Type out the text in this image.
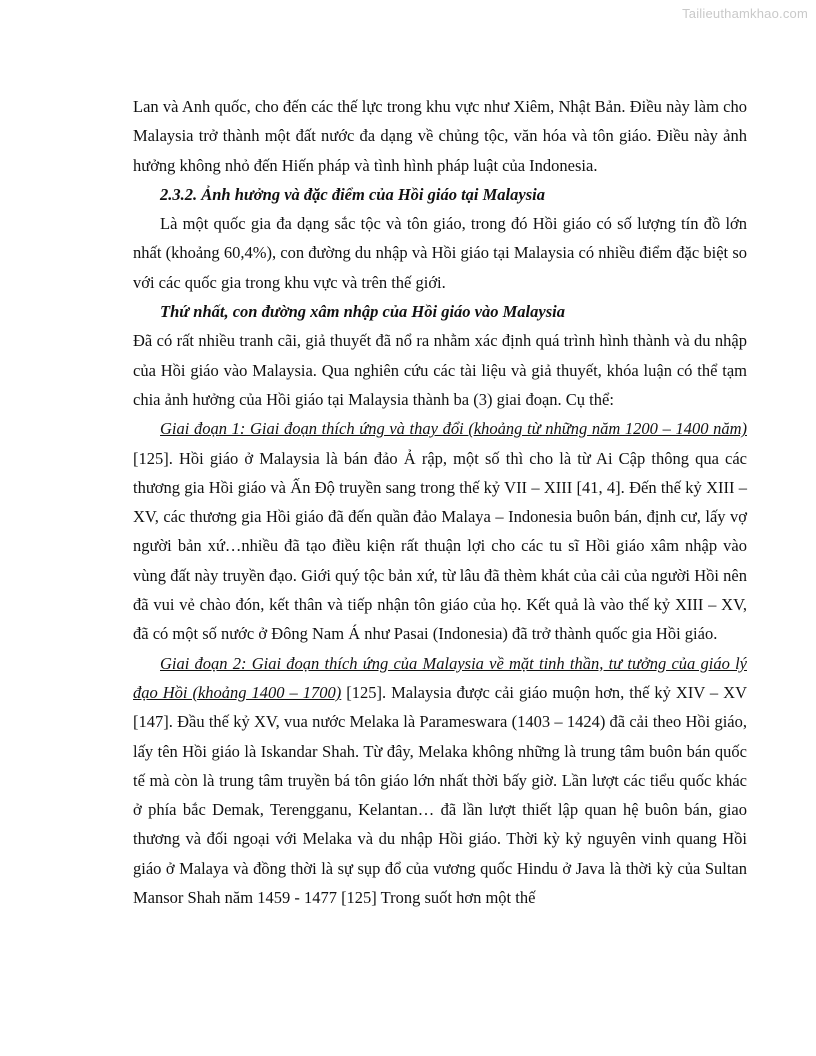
Tailieuthamkhao.com

Lan và Anh quốc, cho đến các thế lực trong khu vực như Xiêm, Nhật Bản. Điều này làm cho Malaysia trở thành một đất nước đa dạng về chủng tộc, văn hóa và tôn giáo. Điều này ảnh hưởng không nhỏ đến Hiến pháp và tình hình pháp luật của Indonesia.

2.3.2. Ảnh hưởng và đặc điểm của Hồi giáo tại Malaysia

Là một quốc gia đa dạng sắc tộc và tôn giáo, trong đó Hồi giáo có số lượng tín đồ lớn nhất (khoảng 60,4%), con đường du nhập và Hồi giáo tại Malaysia có nhiều điểm đặc biệt so với các quốc gia trong khu vực và trên thế giới.

Thứ nhất, con đường xâm nhập của Hồi giáo vào Malaysia

Đã có rất nhiều tranh cãi, giả thuyết đã nổ ra nhằm xác định quá trình hình thành và du nhập của Hồi giáo vào Malaysia. Qua nghiên cứu các tài liệu và giả thuyết, khóa luận có thể tạm chia ảnh hưởng của Hồi giáo tại Malaysia thành ba (3) giai đoạn. Cụ thể:

Giai đoạn 1: Giai đoạn thích ứng và thay đổi (khoảng từ những năm 1200 – 1400 năm) [125]. Hồi giáo ở Malaysia là bán đảo Ả rập, một số thì cho là từ Ai Cập thông qua các thương gia Hồi giáo và Ấn Độ truyền sang trong thế kỷ VII – XIII [41, 4]. Đến thế kỷ XIII – XV, các thương gia Hồi giáo đã đến quần đảo Malaya – Indonesia buôn bán, định cư, lấy vợ người bản xứ…nhiều đã tạo điều kiện rất thuận lợi cho các tu sĩ Hồi giáo xâm nhập vào vùng đất này truyền đạo. Giới quý tộc bản xứ, từ lâu đã thèm khát của cải của người Hồi nên đã vui vẻ chào đón, kết thân và tiếp nhận tôn giáo của họ. Kết quả là vào thế kỷ XIII – XV, đã có một số nước ở Đông Nam Á như Pasai (Indonesia) đã trở thành quốc gia Hồi giáo.

Giai đoạn 2: Giai đoạn thích ứng của Malaysia về mặt tinh thần, tư tưởng của giáo lý đạo Hồi (khoảng 1400 – 1700) [125]. Malaysia được cải giáo muộn hơn, thế kỷ XIV – XV [147]. Đầu thế kỷ XV, vua nước Melaka là Parameswara (1403 – 1424) đã cải theo Hồi giáo, lấy tên Hồi giáo là Iskandar Shah. Từ đây, Melaka không những là trung tâm buôn bán quốc tế mà còn là trung tâm truyền bá tôn giáo lớn nhất thời bấy giờ. Lần lượt các tiểu quốc khác ở phía bắc Demak, Terengganu, Kelantan… đã lần lượt thiết lập quan hệ buôn bán, giao thương và đối ngoại với Melaka và du nhập Hồi giáo. Thời kỳ kỷ nguyên vinh quang Hồi giáo ở Malaya và đồng thời là sự sụp đổ của vương quốc Hindu ở Java là thời kỳ của Sultan Mansor Shah năm 1459 - 1477 [125] Trong suốt hơn một thế
